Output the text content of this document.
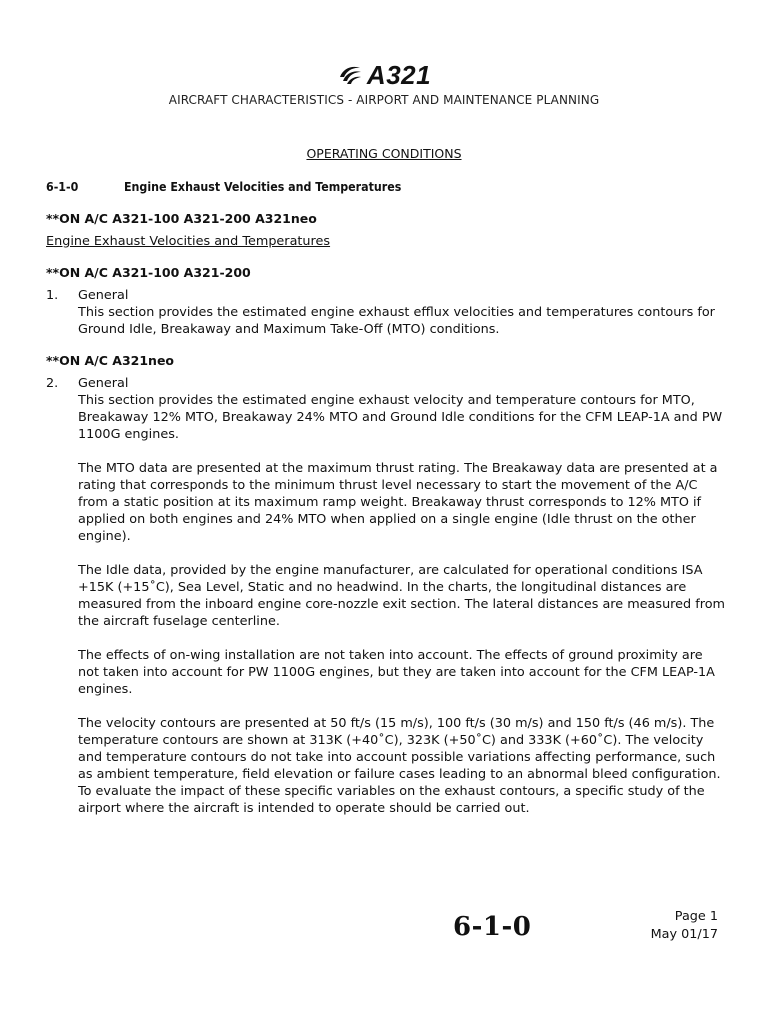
A321
AIRCRAFT CHARACTERISTICS - AIRPORT AND MAINTENANCE PLANNING
OPERATING CONDITIONS
6-1-0	Engine Exhaust Velocities and Temperatures
**ON A/C A321-100 A321-200 A321neo
Engine Exhaust Velocities and Temperatures
**ON A/C A321-100 A321-200
1.	General

This section provides the estimated engine exhaust efflux velocities and temperatures contours for Ground Idle, Breakaway and Maximum Take-Off (MTO) conditions.

**ON A/C A321neo
2.	General

This section provides the estimated engine exhaust velocity and temperature contours for MTO, Breakaway 12% MTO, Breakaway 24% MTO and Ground Idle conditions for the CFM LEAP-1A and PW 1100G engines.

The MTO data are presented at the maximum thrust rating. The Breakaway data are presented at a rating that corresponds to the minimum thrust level necessary to start the movement of the A/C from a static position at its maximum ramp weight. Breakaway thrust corresponds to 12% MTO if applied on both engines and 24% MTO when applied on a single engine (Idle thrust on the other engine).

The Idle data, provided by the engine manufacturer, are calculated for operational conditions ISA +15K (+15˚C), Sea Level, Static and no headwind. In the charts, the longitudinal distances are measured from the inboard engine core-nozzle exit section. The lateral distances are measured from the aircraft fuselage centerline.

The effects of on-wing installation are not taken into account. The effects of ground proximity are not taken into account for PW 1100G engines, but they are taken into account for the CFM LEAP-1A engines.

The velocity contours are presented at 50 ft/s (15 m/s), 100 ft/s (30 m/s) and 150 ft/s (46 m/s). The temperature contours are shown at 313K (+40˚C), 323K (+50˚C) and 333K (+60˚C). The velocity and temperature contours do not take into account possible variations affecting performance, such as ambient temperature, field elevation or failure cases leading to an abnormal bleed configuration. To evaluate the impact of these specific variables on the exhaust contours, a specific study of the airport where the aircraft is intended to operate should be carried out.

6-1-0	Page 1
May 01/17
